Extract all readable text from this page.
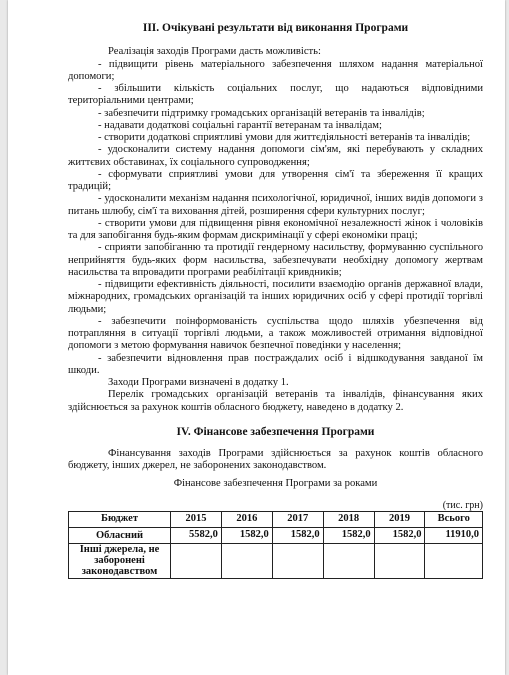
ІІІ. Очікувані результати від виконання Програми

Реалізація заходів Програми дасть можливість:

- підвищити рівень матеріального забезпечення шляхом надання матеріальної допомоги;

- збільшити кількість соціальних послуг, що надаються відповідними територіальними центрами;

- забезпечити підтримку громадських організацій ветеранів та інвалідів;

- надавати додаткові соціальні гарантії ветеранам та інвалідам;

- створити додаткові сприятливі умови для життєдіяльності ветеранів та інвалідів;

- удосконалити систему надання допомоги сім'ям, які перебувають у складних життєвих обставинах, їх соціального супроводження;

- сформувати сприятливі умови для утворення сім'ї та збереження її кращих традицій;

- удосконалити механізм надання психологічної, юридичної, інших видів допомоги з питань шлюбу, сім'ї та виховання дітей, розширення сфери культурних послуг;

- створити умови для підвищення рівня економічної незалежності жінок і чоловіків та для запобігання будь-яким формам дискримінації у сфері економіки праці;

- сприяти запобіганню та протидії гендерному насильству, формуванню суспільного неприйняття будь-яких форм насильства, забезпечувати необхідну допомогу жертвам насильства та впровадити програми реабілітації кривдників;

- підвищити ефективність діяльності, посилити взаємодію органів державної влади, міжнародних, громадських організацій та інших юридичних осіб у сфері протидії торгівлі людьми;

- забезпечити поінформованість суспільства щодо шляхів убезпечення від потрапляння в ситуації торгівлі людьми, а також можливостей отримання відповідної допомоги з метою формування навичок безпечної поведінки у населення;

- забезпечити відновлення прав постраждалих осіб і відшкодування завданої їм шкоди.

Заходи Програми визначені в додатку 1.

Перелік громадських організацій ветеранів та інвалідів, фінансування яких здійснюється за рахунок коштів обласного бюджету, наведено в додатку 2.

IV. Фінансове забезпечення Програми

Фінансування заходів Програми здійснюється за рахунок коштів обласного бюджету, інших джерел, не заборонених законодавством.

Фінансове забезпечення Програми за роками
(тис. грн)
Бюджет	2015	2016	2017	2018	2019	Всього
Обласний	5582,0	1582,0	1582,0	1582,0	1582,0	11910,0
Інші джерела, не заборонені законодавством						
